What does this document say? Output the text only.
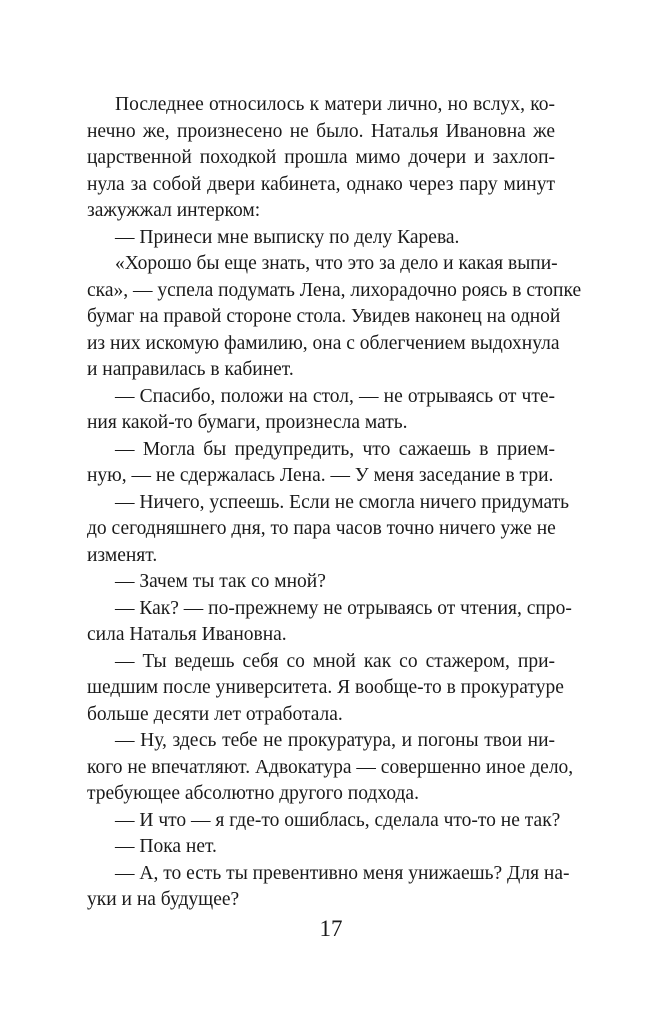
Последнее относилось к матери лично, но вслух, ко-
нечно же, произнесено не было. Наталья Ивановна же
царственной походкой прошла мимо дочери и захлоп-
нула за собой двери кабинета, однако через пару минут
зажужжал интерком:
— Принеси мне выписку по делу Карева.
«Хорошо бы еще знать, что это за дело и какая выпи-
ска», — успела подумать Лена, лихорадочно роясь в стопке
бумаг на правой стороне стола. Увидев наконец на одной
из них искомую фамилию, она с облегчением выдохнула
и направилась в кабинет.
— Спасибо, положи на стол, — не отрываясь от чте-
ния какой-то бумаги, произнесла мать.
— Могла бы предупредить, что сажаешь в прием-
ную, — не сдержалась Лена. — У меня заседание в три.
— Ничего, успеешь. Если не смогла ничего придумать
до сегодняшнего дня, то пара часов точно ничего уже не
изменят.
— Зачем ты так со мной?
— Как? — по-прежнему не отрываясь от чтения, спро-
сила Наталья Ивановна.
— Ты ведешь себя со мной как со стажером, при-
шедшим после университета. Я вообще-то в прокуратуре
больше десяти лет отработала.
— Ну, здесь тебе не прокуратура, и погоны твои ни-
кого не впечатляют. Адвокатура — совершенно иное дело,
требующее абсолютно другого подхода.
— И что — я где-то ошиблась, сделала что-то не так?
— Пока нет.
— А, то есть ты превентивно меня унижаешь? Для на-
уки и на будущее?
17
